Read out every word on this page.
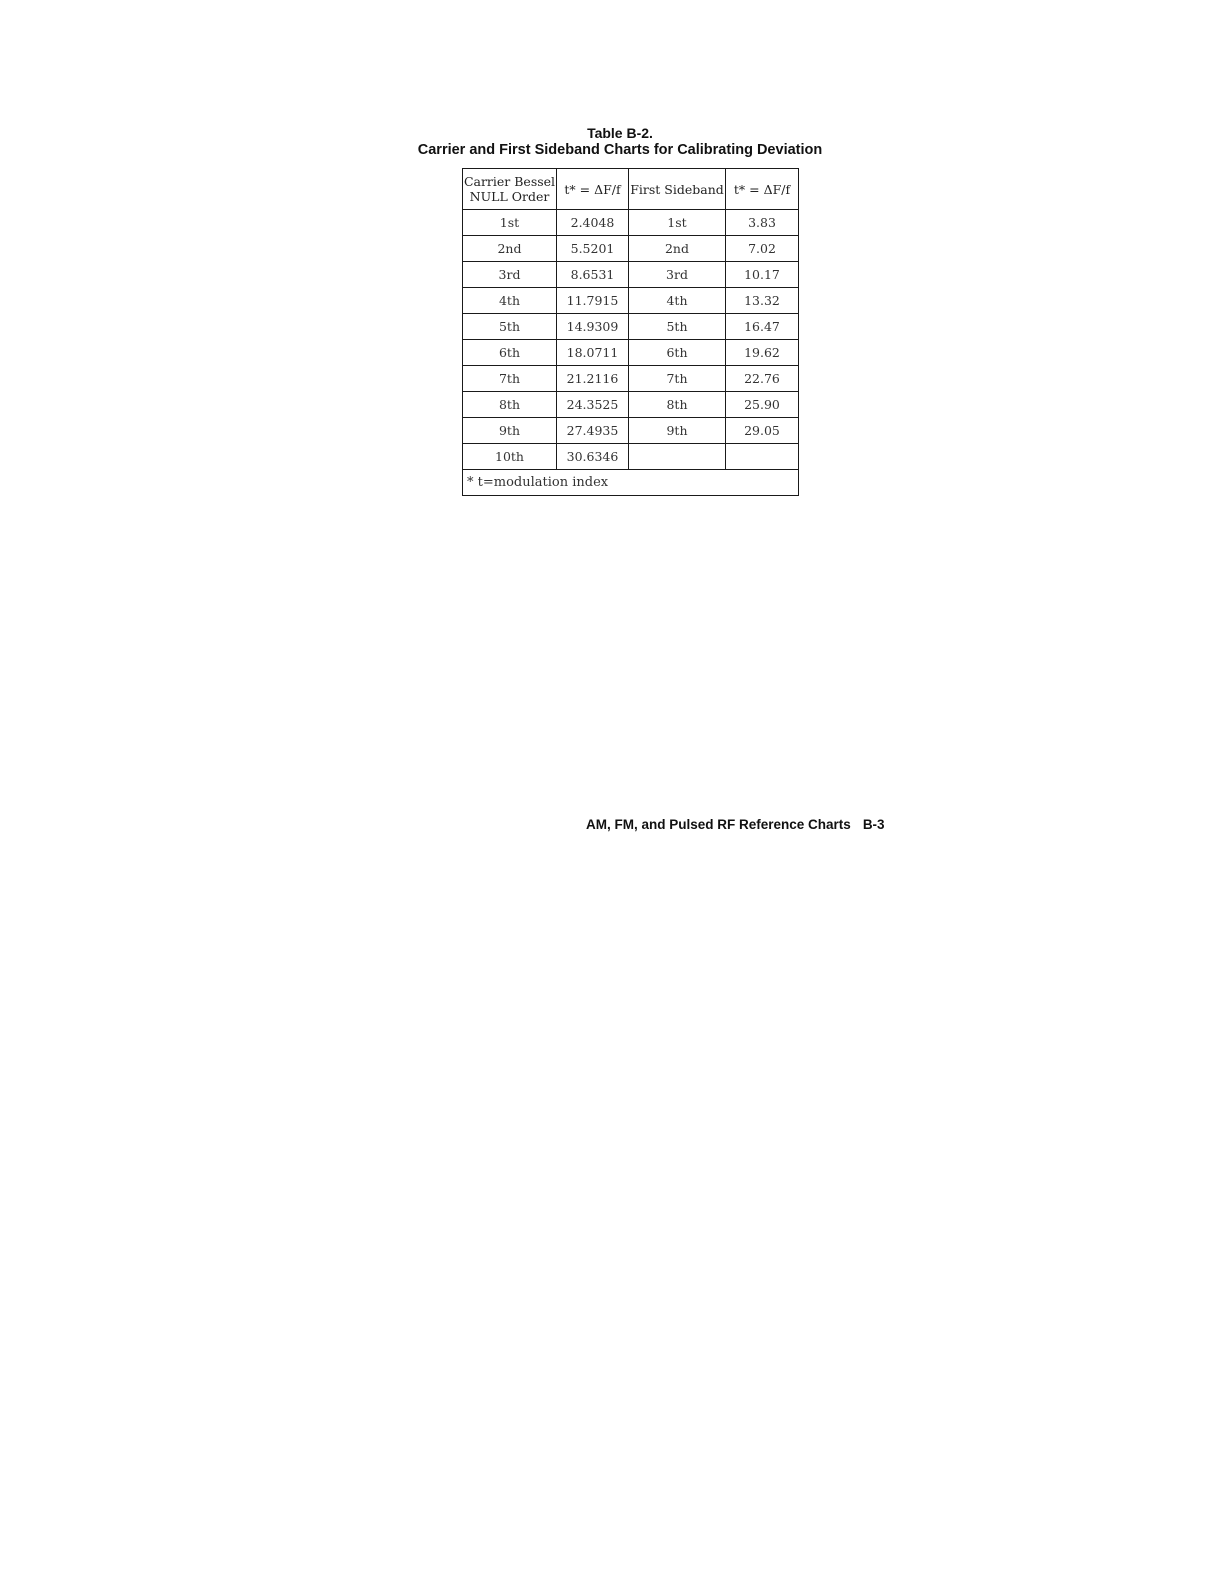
Table B-2.
Carrier and First Sideband Charts for Calibrating Deviation
Carrier Bessel NULL Order	t* = ΔF/f	First Sideband	t* = ΔF/f
1st	2.4048	1st	3.83
2nd	5.5201	2nd	7.02
3rd	8.6531	3rd	10.17
4th	11.7915	4th	13.32
5th	14.9309	5th	16.47
6th	18.0711	6th	19.62
7th	21.2116	7th	22.76
8th	24.3525	8th	25.90
9th	27.4935	9th	29.05
10th	30.6346		
* t=modulation index			
AM, FM, and Pulsed RF Reference Charts B-3
